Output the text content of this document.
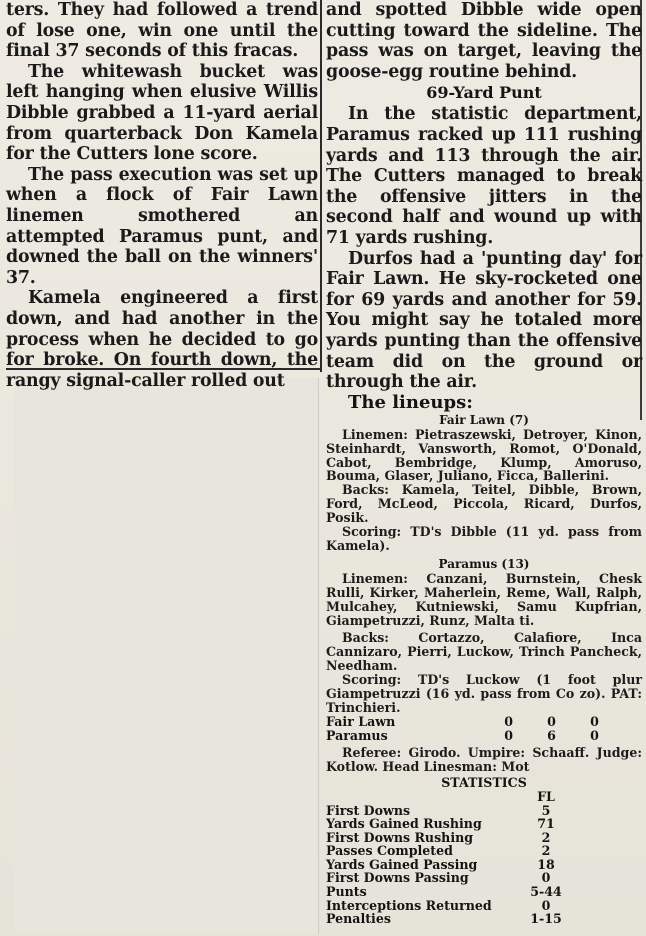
ters. They had followed a trend of lose one, win one until the final 37 seconds of this fracas.

The whitewash bucket was left hanging when elusive Willis Dibble grabbed a 11-yard aerial from quarterback Don Kamela for the Cutters lone score.

The pass execution was set up when a flock of Fair Lawn linemen smothered an attempted Paramus punt, and downed the ball on the winners' 37.

Kamela engineered a first down, and had another in the process when he decided to go for broke. On fourth down, the rangy signal-caller rolled out

and spotted Dibble wide open cutting toward the sideline. The pass was on target, leaving the goose-egg routine behind.

69-Yard Punt

In the statistic department, Paramus racked up 111 rushing yards and 113 through the air. The Cutters managed to break the offensive jitters in the second half and wound up with 71 yards rushing.

Durfos had a 'punting day' for Fair Lawn. He sky-rocketed one for 69 yards and another for 59. You might say he totaled more yards punting than the offensive team did on the ground or through the air.

The lineups:
Fair Lawn (7)
Linemen: Pietraszewski, Detroyer, Kinon, Steinhardt, Vansworth, Romot, O'Donald, Cabot, Bembridge, Klump, Amoruso, Bouma, Glaser, Juliano, Ficca, Ballerini.
Backs: Kamela, Teitel, Dibble, Brown, Ford, McLeod, Piccola, Ricard, Durfos, Posik.
Scoring: TD's Dibble (11 yd. pass from Kamela).
Paramus (13)
Linemen: Canzani, Burnstein, Chesk Rulli, Kirker, Maherlein, Reme, Wall, Ralph, Mulcahey, Kutniewski, Samu Kupfrian, Giampetruzzi, Runz, Malta ti.
Backs: Cortazzo, Calafiore, Inca Cannizaro, Pierri, Luckow, Trinch Pancheck, Needham.
Scoring: TD's Luckow (1 foot plur Giampetruzzi (16 yd. pass from Co zo). PAT: Trinchieri.
Fair Lawn	0	0	0
Paramus	0	6	0
Referee: Girodo. Umpire: Schaaff. Judge: Kotlow. Head Linesman: Mot
STATISTICS
	FL	
First Downs	5	
Yards Gained Rushing	71	
First Downs Rushing	2	
Passes Completed	2	
Yards Gained Passing	18	
First Downs Passing	0	
Punts	5-44	
Interceptions Returned	0	
Penalties	1-15	
